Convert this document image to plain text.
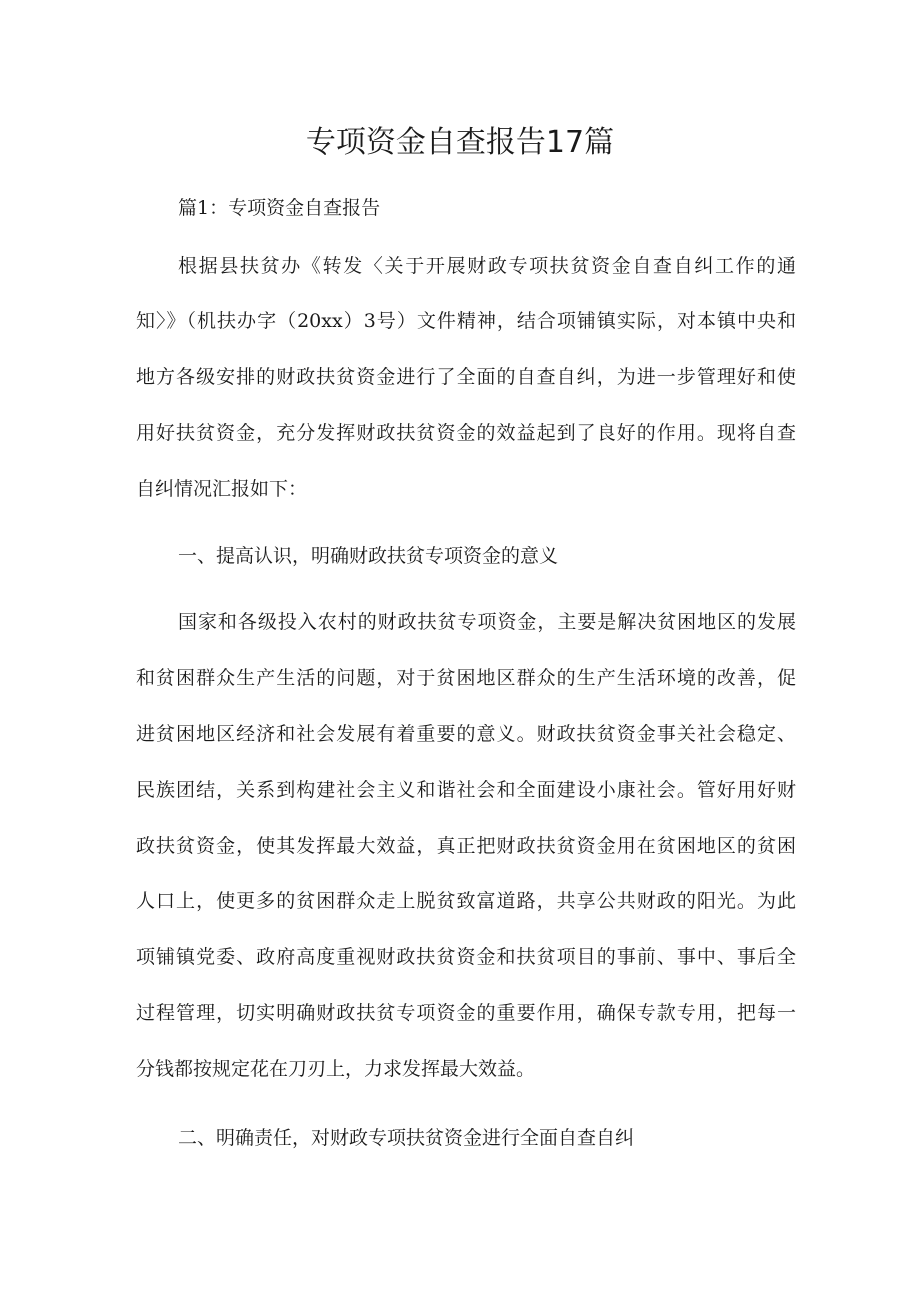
专项资金自查报告17篇

篇1：专项资金自查报告

根据县扶贫办《转发〈关于开展财政专项扶贫资金自查自纠工作的通

知〉》（机扶办字（20xx）3号）文件精神，结合项铺镇实际，对本镇中央和

地方各级安排的财政扶贫资金进行了全面的自查自纠，为进一步管理好和使

用好扶贫资金，充分发挥财政扶贫资金的效益起到了良好的作用。现将自查

自纠情况汇报如下：

一、提高认识，明确财政扶贫专项资金的意义

国家和各级投入农村的财政扶贫专项资金，主要是解决贫困地区的发展

和贫困群众生产生活的问题，对于贫困地区群众的生产生活环境的改善，促

进贫困地区经济和社会发展有着重要的意义。财政扶贫资金事关社会稳定、

民族团结，关系到构建社会主义和谐社会和全面建设小康社会。管好用好财

政扶贫资金，使其发挥最大效益，真正把财政扶贫资金用在贫困地区的贫困

人口上，使更多的贫困群众走上脱贫致富道路，共享公共财政的阳光。为此

项铺镇党委、政府高度重视财政扶贫资金和扶贫项目的事前、事中、事后全

过程管理，切实明确财政扶贫专项资金的重要作用，确保专款专用，把每一

分钱都按规定花在刀刃上，力求发挥最大效益。

二、明确责任，对财政专项扶贫资金进行全面自查自纠
